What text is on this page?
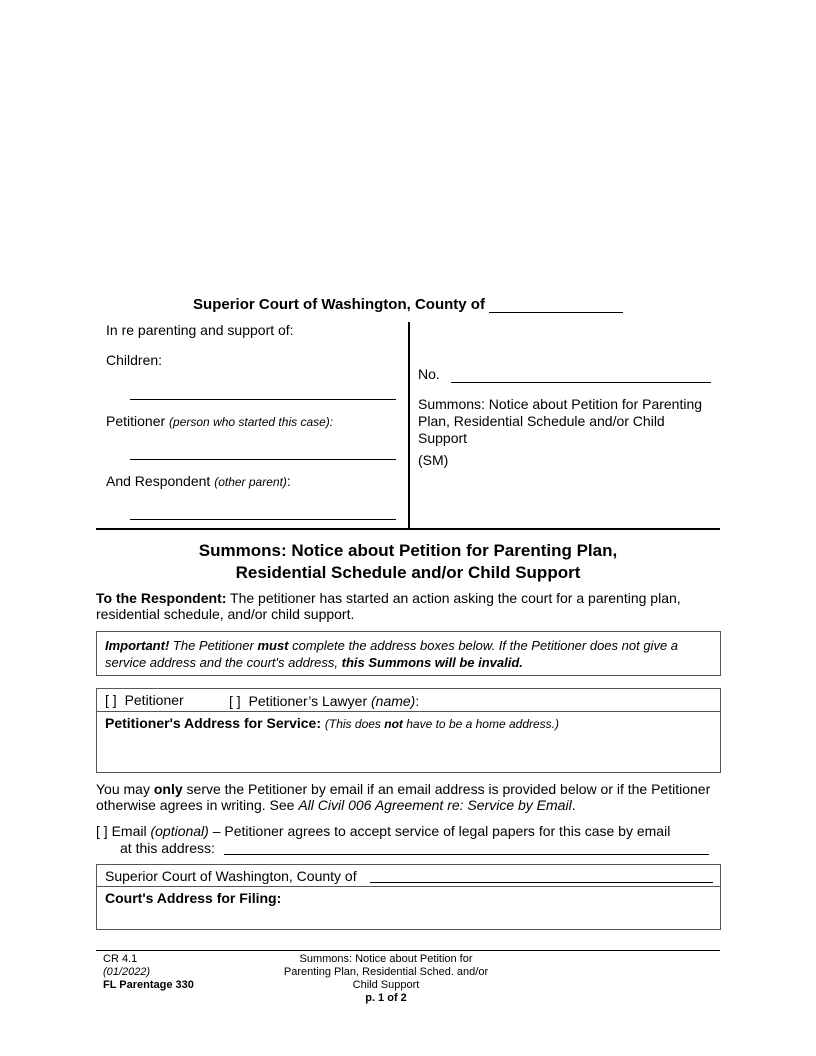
Superior Court of Washington, County of
In re parenting and support of:
Children:
Petitioner (person who started this case):
And Respondent (other parent):
No.
Summons: Notice about Petition for Parenting Plan, Residential Schedule and/or Child Support
(SM)
Summons: Notice about Petition for Parenting Plan,
Residential Schedule and/or Child Support
To the Respondent: The petitioner has started an action asking the court for a parenting plan, residential schedule, and/or child support.
Important! The Petitioner must complete the address boxes below. If the Petitioner does not give a service address and the court's address, this Summons will be invalid.
[ ] Petitioner	[ ] Petitioner’s Lawyer (name):
Petitioner's Address for Service: (This does not have to be a home address.)
You may only serve the Petitioner by email if an email address is provided below or if the Petitioner otherwise agrees in writing. See All Civil 006 Agreement re: Service by Email.
[ ] Email (optional) – Petitioner agrees to accept service of legal papers for this case by email
at this address:
Superior Court of Washington, County of
Court's Address for Filing:
CR 4.1
(01/2022)
FL Parentage 330
Summons: Notice about Petition for
Parenting Plan, Residential Sched. and/or
Child Support
p. 1 of 2
